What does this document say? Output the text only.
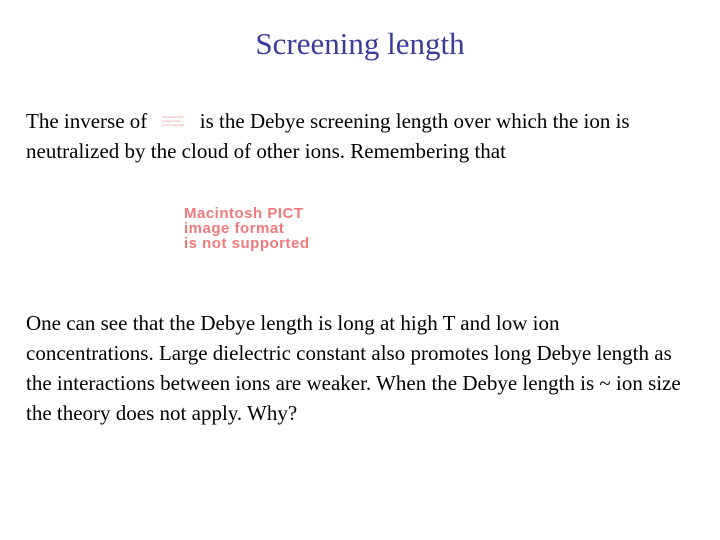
Screening length
The inverse of	Macintosh PICT
image format
is not supported is the Debye screening length over which the ion is neutralized by the cloud of other ions. Remembering that
Macintosh PICT
image format
is not supported
One can see that the Debye length is long at high T and low ion concentrations. Large dielectric constant also promotes long Debye length as the interactions between ions are weaker. When the Debye length is ~ ion size the theory does not apply. Why?
